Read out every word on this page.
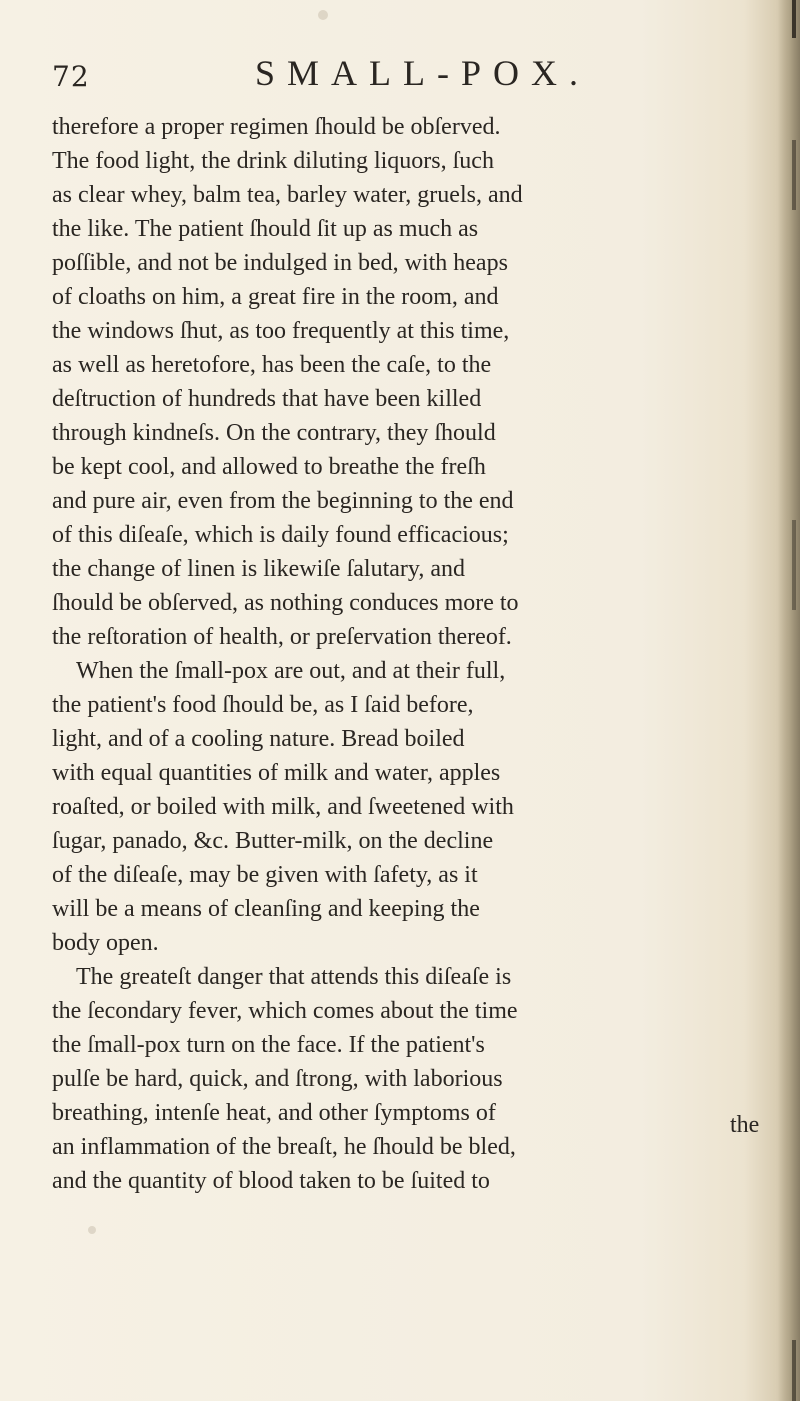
72	SMALL-POX.
therefore a proper regimen ſhould be obſerved.
The food light, the drink diluting liquors, ſuch
as clear whey, balm tea, barley water, gruels, and
the like. The patient ſhould ſit up as much as
poſſible, and not be indulged in bed, with heaps
of cloaths on him, a great fire in the room, and
the windows ſhut, as too frequently at this time,
as well as heretofore, has been the caſe, to the
deſtruction of hundreds that have been killed
through kindneſs. On the contrary, they ſhould
be kept cool, and allowed to breathe the freſh
and pure air, even from the beginning to the end
of this diſeaſe, which is daily found efficacious;
the change of linen is likewiſe ſalutary, and
ſhould be obſerved, as nothing conduces more to
the reſtoration of health, or preſervation thereof.
When the ſmall-pox are out, and at their full,
the patient's food ſhould be, as I ſaid before,
light, and of a cooling nature. Bread boiled
with equal quantities of milk and water, apples
roaſted, or boiled with milk, and ſweetened with
ſugar, panado, &c. Butter-milk, on the decline
of the diſeaſe, may be given with ſafety, as it
will be a means of cleanſing and keeping the
body open.
The greateſt danger that attends this diſeaſe is
the ſecondary fever, which comes about the time
the ſmall-pox turn on the face. If the patient's
pulſe be hard, quick, and ſtrong, with laborious
breathing, intenſe heat, and other ſymptoms of
an inflammation of the breaſt, he ſhould be bled,
and the quantity of blood taken to be ſuited to
the
